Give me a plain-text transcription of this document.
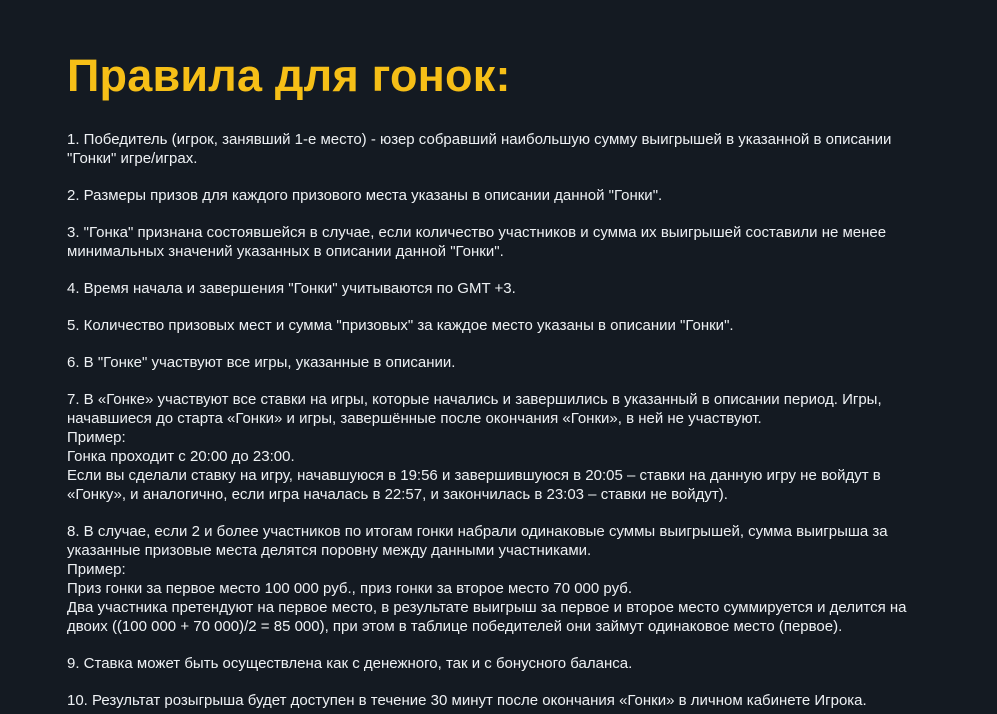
Правила для гонок:
1. Победитель (игрок, занявший 1-е место) - юзер собравший наибольшую сумму выигрышей в указанной в описании
"Гонки" игре/играх.
2. Размеры призов для каждого призового места указаны в описании данной "Гонки".
3. "Гонка" признана состоявшейся в случае, если количество участников и сумма их выигрышей составили не менее
минимальных значений указанных в описании данной "Гонки".
4. Время начала и завершения "Гонки" учитываются по GMT +3.
5. Количество призовых мест и сумма "призовых" за каждое место указаны в описании "Гонки".
6. В "Гонке" участвуют все игры, указанные в описании.
7. В «Гонке» участвуют все ставки на игры, которые начались и завершились в указанный в описании период. Игры,
начавшиеся до старта «Гонки» и игры, завершённые после окончания «Гонки», в ней не участвуют.
Пример:
Гонка проходит с 20:00 до 23:00.
Если вы сделали ставку на игру, начавшуюся в 19:56 и завершившуюся в 20:05 – ставки на данную игру не войдут в
«Гонку», и аналогично, если игра началась в 22:57, и закончилась в 23:03 – ставки не войдут).
8. В случае, если 2 и более участников по итогам гонки набрали одинаковые суммы выигрышей, сумма выигрыша за
указанные призовые места делятся поровну между данными участниками.
Пример:
Приз гонки за первое место 100 000 руб., приз гонки за второе место 70 000 руб.
Два участника претендуют на первое место, в результате выигрыш за первое и второе место суммируется и делится на
двоих ((100 000 + 70 000)/2 = 85 000), при этом в таблице победителей они займут одинаковое место (первое).
9. Ставка может быть осуществлена как с денежного, так и с бонусного баланса.
10. Результат розыгрыша будет доступен в течение 30 минут после окончания «Гонки» в личном кабинете Игрока.
